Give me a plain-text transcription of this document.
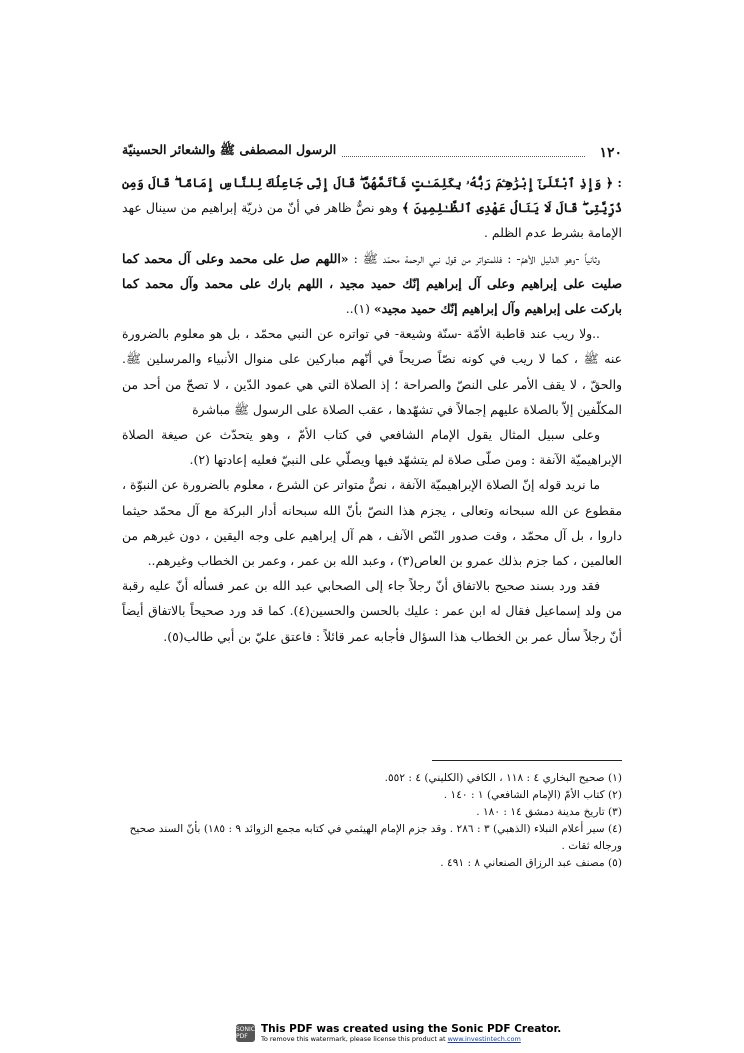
١٢٠
الرسول المصطفى ﷺ والشعائر الحسينيّة

: ﴿ وَإِذِ ٱبْتَلَىٰٓ إِبْرَٰهِـۧمَ رَبُّهُۥ بِكَلِمَـٰتٍ فَأَتَمَّهُنَّ ۖ قَالَ إِنِّى جَاعِلُكَ لِلنَّاسِ إِمَامًا ۖ قَالَ وَمِن ذُرِّيَّتِى ۖ قَالَ لَا يَنَالُ عَهْدِى ٱلظَّـٰلِمِينَ ﴾ وهو نصٌّ ظاهر في أنّ من ذريّة إبراهيم من سينال عهد الإمامة بشرط عدم الظلم .

وثانياً -وهو الدليل الأهمّ- : فللمتواتر من قول نبي الرحمة محمّد ﷺ : «اللهم صل على محمد وعلى آل محمد كما صليت على إبراهيم وعلى آل إبراهيم إنّك حميد مجيد ، اللهم بارك على محمد وآل محمد كما باركت على إبراهيم وآل إبراهيم إنّك حميد مجيد» (١)..

..ولا ريب عند قاطبة الأمّة -سنّة وشيعة- في تواتره عن النبي محمّد ، بل هو معلوم بالضرورة عنه ﷺ ، كما لا ريب في كونه نصّاً صريحاً في أنّهم مباركين على منوال الأنبياء والمرسلين ﷺ. والحقّ ، لا يقف الأمر على النصّ والصراحة ؛ إذ الصلاة التي هي عمود الدّين ، لا تصحّ من أحد من المكلّفين إلاّ بالصلاة عليهم إجمالاً في تشهّدها ، عقب الصلاة على الرسول ﷺ مباشرة

وعلى سبيل المثال يقول الإمام الشافعي في كتاب الأمّ ، وهو يتحدّث عن صيغة الصلاة الإبراهيميّة الآنفة : ومن صلّى صلاة لم يتشهّد فيها ويصلّي على النبيّ فعليه إعادتها (٢).

ما نريد قوله إنّ الصلاة الإبراهيميّة الآنفة ، نصٌّ متواتر عن الشرع ، معلوم بالضرورة عن النبوّة ، مقطوع عن الله سبحانه وتعالى ، يجزم هذا النصّ بأنّ الله سبحانه أدار البركة مع آل محمّد حيثما داروا ، بل آل محمّد ، وقت صدور النّص الآنف ، هم آل إبراهيم على وجه اليقين ، دون غيرهم من العالمين ، كما جزم بذلك عمرو بن العاص(٣) ، وعبد الله بن عمر ، وعمر بن الخطاب وغيرهم..

فقد ورد بسند صحيح بالاتفاق أنّ رجلاً جاء إلى الصحابي عبد الله بن عمر فسأله أنّ عليه رقبة من ولد إسماعيل فقال له ابن عمر : عليك بالحسن والحسين(٤). كما قد ورد صحيحاً بالاتفاق أيضاً أنّ رجلاً سأل عمر بن الخطاب هذا السؤال فأجابه عمر قائلاً : فاعتق عليّ بن أبي طالب(٥).

(١) صحيح البخاري ٤ : ١١٨ ، الكافي (الكليني) ٤ : ٥٥٢.

(٢) كتاب الأمّ (الإمام الشافعي) ١ : ١٤٠ .

(٣) تاريخ مدينة دمشق ١٤ : ١٨٠ .

(٤) سير أعلام النبلاء (الذهبي) ٣ : ٢٨٦ . وقد جزم الإمام الهيثمي في كتابه مجمع الزوائد ٩ : ١٨٥) بأنّ السند صحيح ورجاله ثقات .

(٥) مصنف عبد الرزاق الصنعاني ٨ : ٤٩١ .

SONIC PDF
This PDF was created using the Sonic PDF Creator.
To remove this watermark, please license this product at www.investintech.com
